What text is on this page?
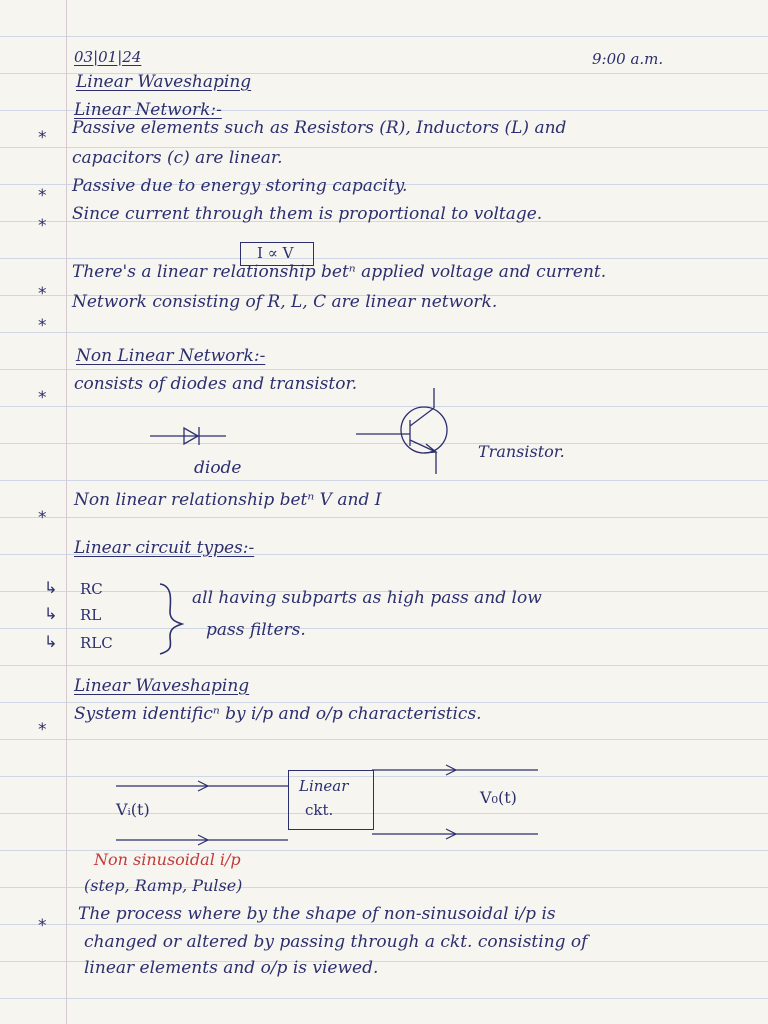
03|01|24	9:00 a.m.
Linear Waveshaping
Linear Network:-
* Passive elements such as Resistors (R), Inductors (L) and
capacitors (c) are linear.
* Passive due to energy storing capacity.
*
Since current through them is proportional to voltage.
I ∝ V
*
There's a linear relationship betⁿ applied voltage and current.
*
Network consisting of R, L, C are linear network.
Non Linear Network:-
*
consists of diodes and transistor.
diode
Transistor.
*
Non linear relationship betⁿ V and I
Linear circuit types:-
↳ RC
↳ RL
↳ RLC
all having subparts as high pass and low
pass filters.
Linear Waveshaping
*
System identificⁿ by i/p and o/p characteristics.
Linear
ckt.
Vᵢ(t)
V₀(t)
Non sinusoidal i/p
(step, Ramp, Pulse)
*
The process where by the shape of non-sinusoidal i/p is
changed or altered by passing through a ckt. consisting of
linear elements and o/p is viewed.
